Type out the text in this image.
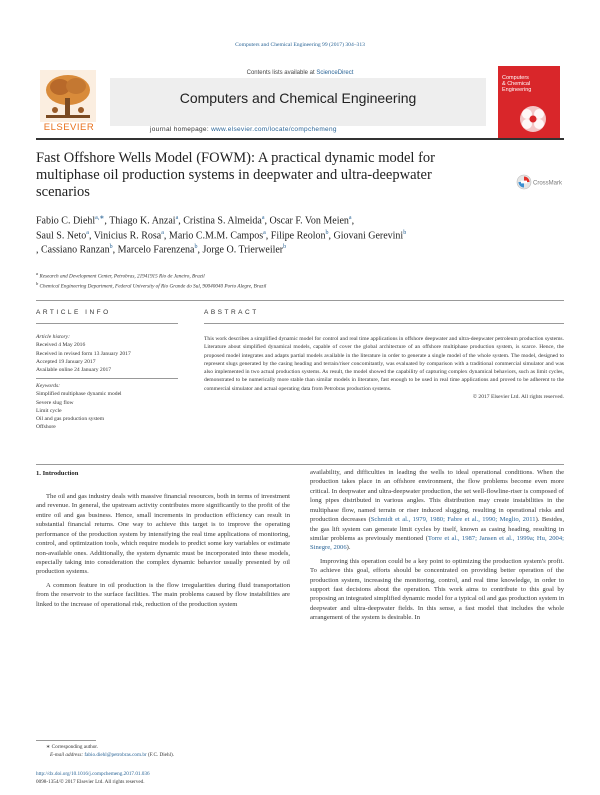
Computers and Chemical Engineering 99 (2017) 304–313
Contents lists available at ScienceDirect
Computers and Chemical Engineering
journal homepage: www.elsevier.com/locate/compchemeng
ELSEVIER
Computers
& Chemical
Engineering
Fast Offshore Wells Model (FOWM): A practical dynamic model for multiphase oil production systems in deepwater and ultra-deepwater scenarios
CrossMark
Fabio C. Diehl$^{a,∗}$, Thiago K. Anzai$^a$, Cristina S. Almeida$^a$, Oscar F. Von Meien$^a$,
Saul S. Neto$^a$, Vinicius R. Rosa$^a$, Mario C.M.M. Campos$^a$, Filipe Reolon$^b$, Giovani Gerevini$^b$
, Cassiano Ranzan$^b$, Marcelo Farenzena$^b$, Jorge O. Trierweiler$^b$
$^a$ Research and Development Center, Petrobras, 21941915 Rio de Janeiro, Brazil
$^b$ Chemical Engineering Department, Federal University of Rio Grande do Sul, 90040040 Porto Alegre, Brazil
ARTICLE INFO
Article history:
Received 4 May 2016
Received in revised form 13 January 2017
Accepted 19 January 2017
Available online 24 January 2017
Keywords:
Simplified multiphase dynamic model
Severe slug flow
Limit cycle
Oil and gas production system
Offshore
ABSTRACT
This work describes a simplified dynamic model for control and real time applications in offshore deepwater and ultra-deepwater petroleum production systems. Literature about simplified dynamical models, capable of cover the global architecture of an offshore multiphase production system, is scarce. Hence, the proposed model integrates and adapts partial models available in the literature in order to generate a single model of the whole system. The model, designed to represent slugs generated by the casing heading and terrain/riser concomitantly, was evaluated by comparison with a traditional commercial simulator and was also implemented in two actual production systems. As result, the model showed the capability of capturing complex dynamical behaviors, such as limit cycles, demonstrated to be numerically more stable than similar models in literature, fast enough to be used in real time applications and proved to be adherent to the commercial simulator and actual operating data from Petrobras production systems.
© 2017 Elsevier Ltd. All rights reserved.
1. Introduction

The oil and gas industry deals with massive financial resources, both in terms of investment and revenue. In general, the upstream activity contributes more significantly to the profit of the entire oil and gas business. Hence, small increments in production efficiency can result in substantial financial returns. One way to achieve this target is to improve the operating performance of the production system by intensifying the real time applications of monitoring, control, and optimization tools, which require models to predict some key variables or estimate non-available ones. Additionally, the system dynamic must be incorporated into these models, especially taking into consideration the complex dynamic behavior usually presented by oil production systems.

A common feature in oil production is the flow irregularities during fluid transportation from the reservoir to the surface facilities. The main problems caused by flow instabilities are linked to the increase of operational risk, reduction of the production system

availability, and difficulties in leading the wells to ideal operational conditions. When the production takes place in an offshore environment, the flow problems become even more critical. In deepwater and ultra-deepwater production, the set well-flowline-riser is composed of long pipes distributed in various angles. This distribution may create instabilities in the multiphase flow, named terrain or riser induced slugging, resulting in operational risks and production decreases (Schmidt et al., 1979, 1980; Fabre et al., 1990; Meglio, 2011). Besides, the gas lift system can generate limit cycles by itself, known as casing heading, resulting in similar problems as previously mentioned (Torre et al., 1987; Jansen et al., 1999a; Hu, 2004; Sinegre, 2006).

Improving this operation could be a key point to optimizing the production system's profit. To achieve this goal, efforts should be concentrated on providing better operation of the production system, increasing the monitoring, control, and real time knowledge, in order to support fast decisions about the operation. This work aims to contribute to this goal by proposing an integrated simplified dynamic model for a typical oil and gas production system in deepwater and ultra-deepwater fields. In this sense, a fast model that includes the whole arrangement of the system is desirable. In

∗ Corresponding author.
E-mail address: fabio.diehl@petrobras.com.br (F.C. Diehl).
http://dx.doi.org/10.1016/j.compchemeng.2017.01.036
0098-1354/© 2017 Elsevier Ltd. All rights reserved.
